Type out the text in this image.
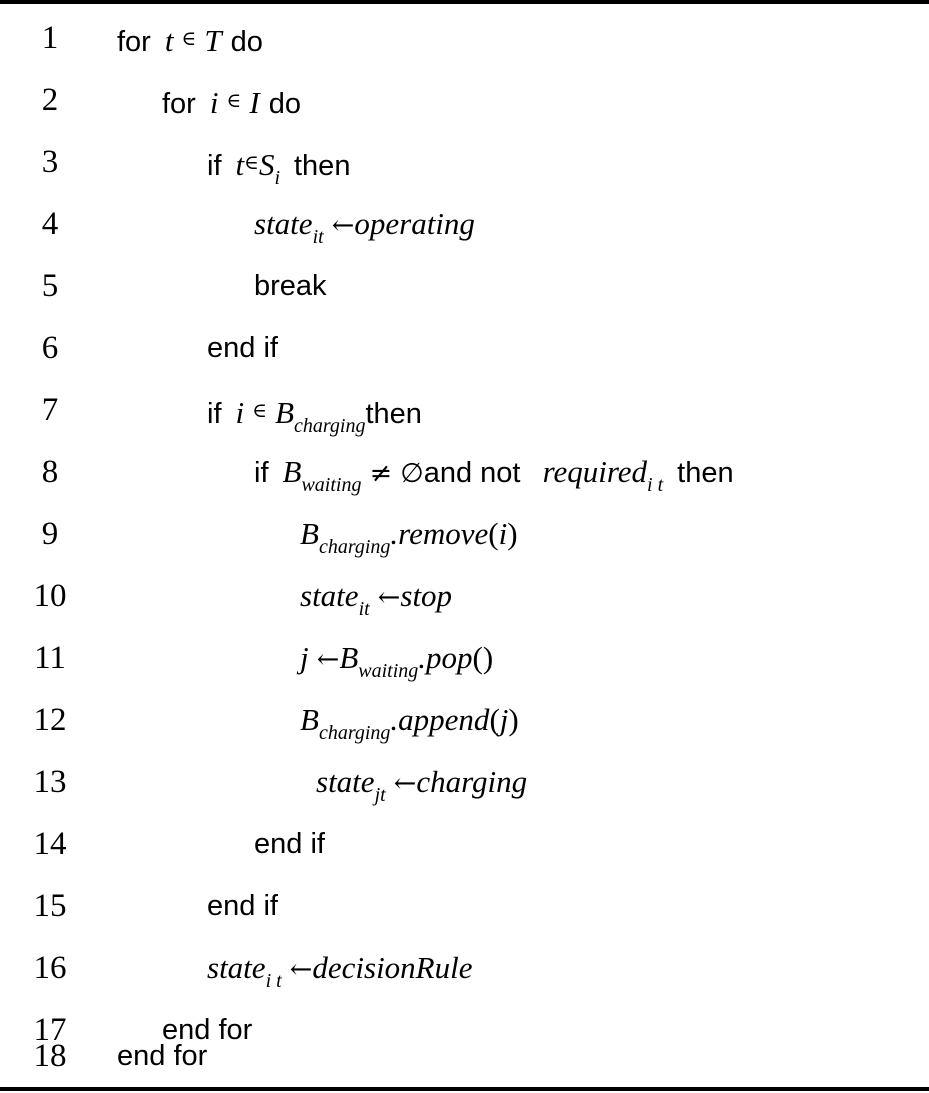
1	for t ∈ T do
2	for i ∈ I do
3	if $t^\in S_i$ then
4	state$_{it}$ ←operating
5	break
6	end if
7	if i ∈ $B_{charging}then$
8	if $B_{waiting}$ ≠ ∅and not required$_{i t}$ then
9	$B_{charging}.remove(i)$
10	state$_{it}$ ←stop
11	j $\leftarrow B_{waiting}.pop()$
12	$B_{charging}.append(j)$
13	state$_{jt}$ ←charging
14	end if
15	end if
16	state$_{i t}$ ←decisionRule
17	end for
18	end for
